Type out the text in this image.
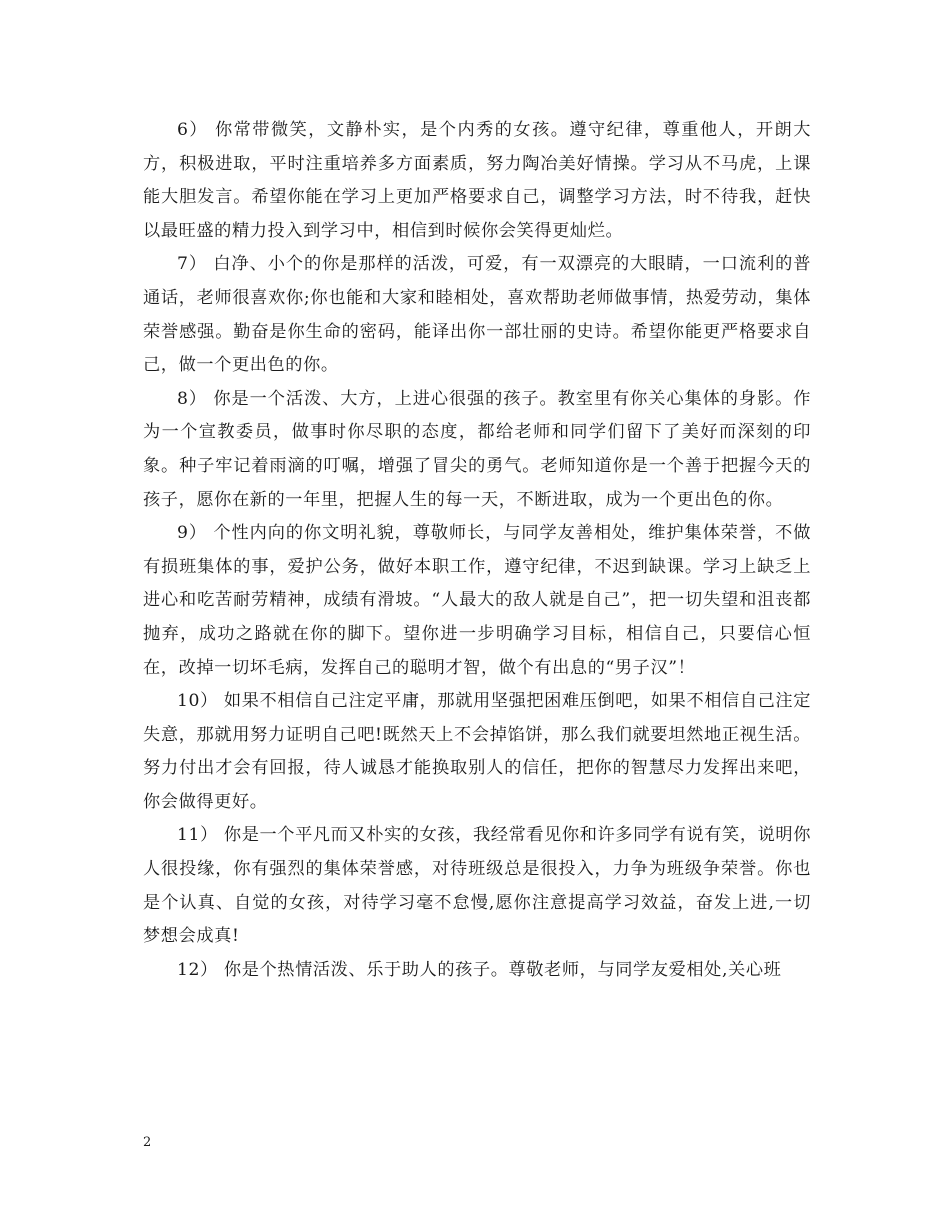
6） 你常带微笑，文静朴实，是个内秀的女孩。遵守纪律，尊重他人，开朗大方，积极进取，平时注重培养多方面素质，努力陶冶美好情操。学习从不马虎，上课能大胆发言。希望你能在学习上更加严格要求自己，调整学习方法，时不待我，赶快以最旺盛的精力投入到学习中，相信到时候你会笑得更灿烂。

7） 白净、小个的你是那样的活泼，可爱，有一双漂亮的大眼睛，一口流利的普通话，老师很喜欢你;你也能和大家和睦相处，喜欢帮助老师做事情，热爱劳动，集体荣誉感强。勤奋是你生命的密码，能译出你一部壮丽的史诗。希望你能更严格要求自己，做一个更出色的你。

8） 你是一个活泼、大方，上进心很强的孩子。教室里有你关心集体的身影。作为一个宣教委员，做事时你尽职的态度，都给老师和同学们留下了美好而深刻的印象。种子牢记着雨滴的叮嘱，增强了冒尖的勇气。老师知道你是一个善于把握今天的孩子，愿你在新的一年里，把握人生的每一天，不断进取，成为一个更出色的你。

9） 个性内向的你文明礼貌，尊敬师长，与同学友善相处，维护集体荣誉，不做有损班集体的事，爱护公务，做好本职工作，遵守纪律，不迟到缺课。学习上缺乏上进心和吃苦耐劳精神，成绩有滑坡。“人最大的敌人就是自己”，把一切失望和沮丧都抛弃，成功之路就在你的脚下。望你进一步明确学习目标，相信自己，只要信心恒在，改掉一切坏毛病，发挥自己的聪明才智，做个有出息的“男子汉”！

10） 如果不相信自己注定平庸，那就用坚强把困难压倒吧，如果不相信自己注定失意，那就用努力证明自己吧!既然天上不会掉馅饼，那么我们就要坦然地正视生活。努力付出才会有回报，待人诚恳才能换取别人的信任，把你的智慧尽力发挥出来吧，你会做得更好。

11） 你是一个平凡而又朴实的女孩，我经常看见你和许多同学有说有笑，说明你人很投缘，你有强烈的集体荣誉感，对待班级总是很投入，力争为班级争荣誉。你也是个认真、自觉的女孩，对待学习毫不怠慢,愿你注意提高学习效益，奋发上进,一切梦想会成真!

12） 你是个热情活泼、乐于助人的孩子。尊敬老师，与同学友爱相处,关心班

2
